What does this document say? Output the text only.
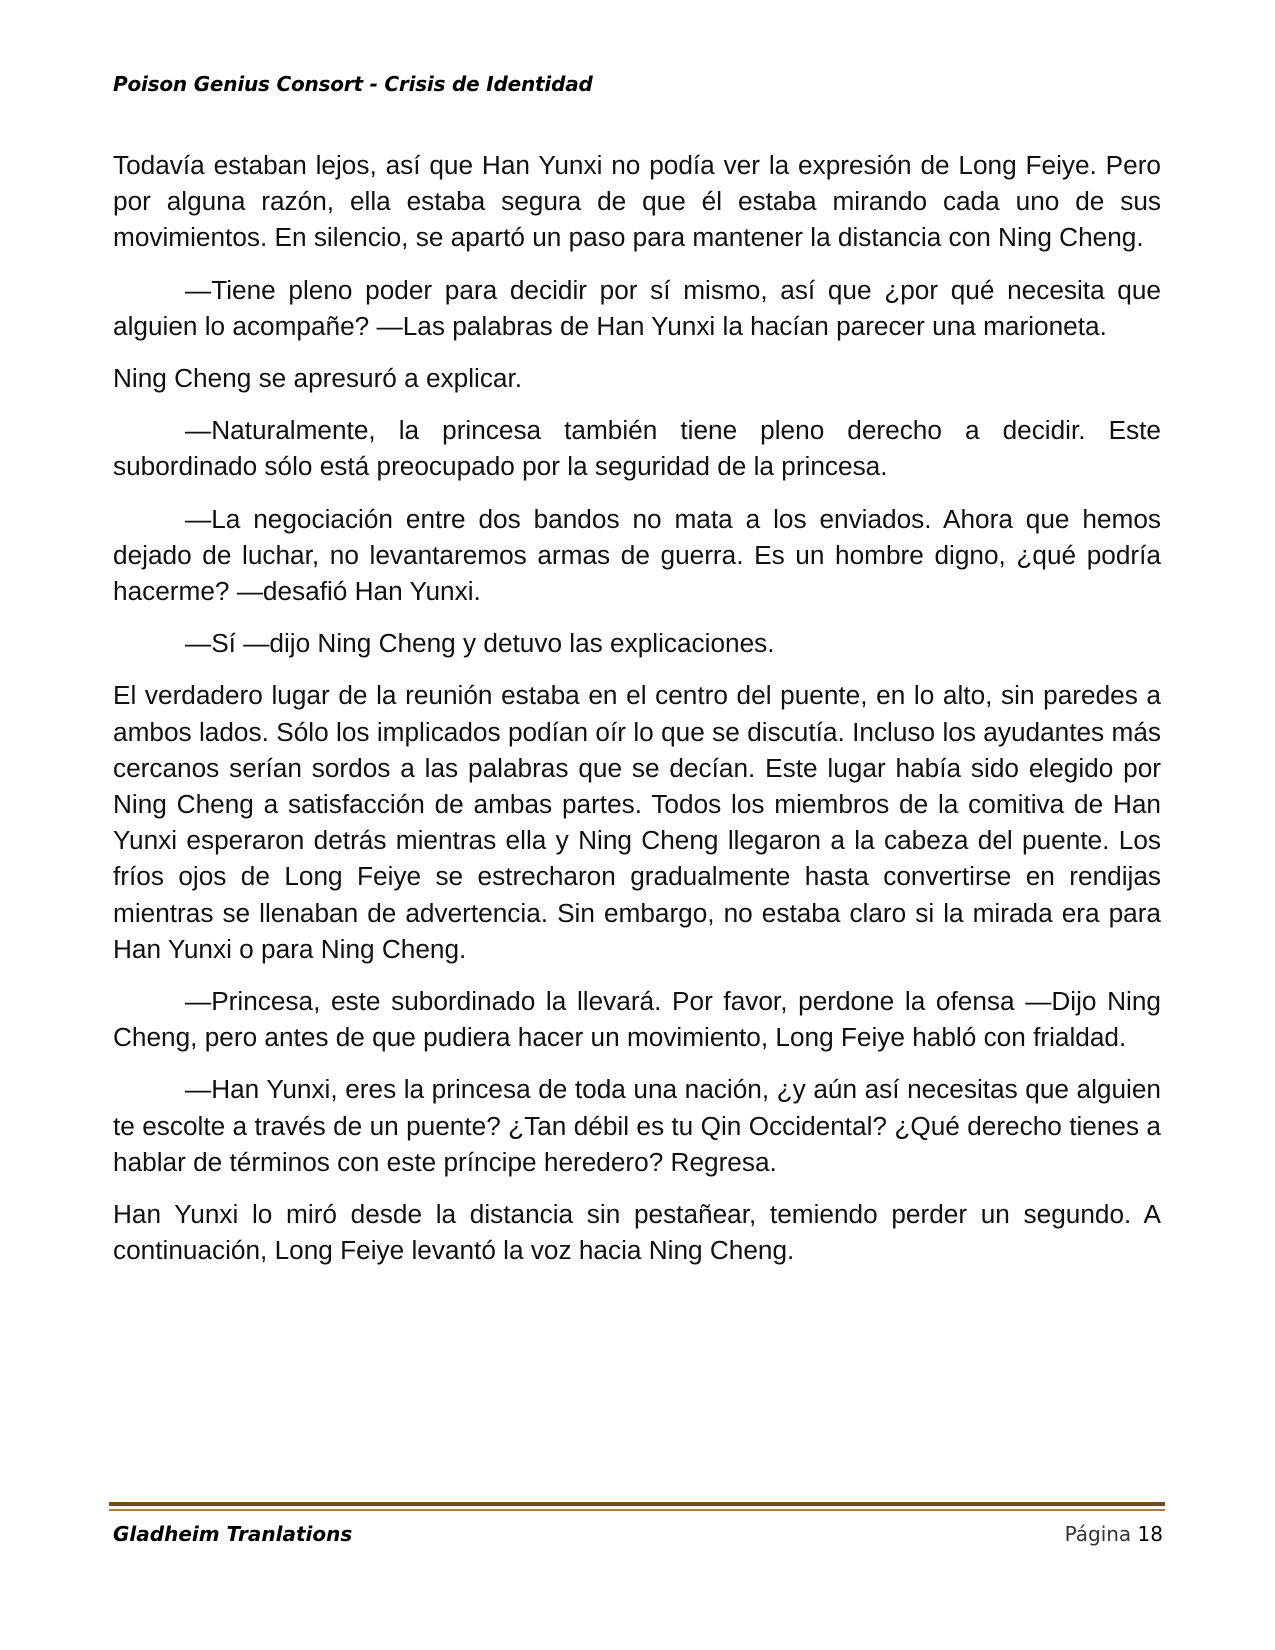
Poison Genius Consort - Crisis de Identidad

Todavía estaban lejos, así que Han Yunxi no podía ver la expresión de Long Feiye. Pero por alguna razón, ella estaba segura de que él estaba mirando cada uno de sus movimientos. En silencio, se apartó un paso para mantener la distancia con Ning Cheng.

—Tiene pleno poder para decidir por sí mismo, así que ¿por qué necesita que alguien lo acompañe? —Las palabras de Han Yunxi la hacían parecer una marioneta.

Ning Cheng se apresuró a explicar.

—Naturalmente, la princesa también tiene pleno derecho a decidir. Este subordinado sólo está preocupado por la seguridad de la princesa.

—La negociación entre dos bandos no mata a los enviados. Ahora que hemos dejado de luchar, no levantaremos armas de guerra. Es un hombre digno, ¿qué podría hacerme? —desafió Han Yunxi.

—Sí —dijo Ning Cheng y detuvo las explicaciones.

El verdadero lugar de la reunión estaba en el centro del puente, en lo alto, sin paredes a ambos lados. Sólo los implicados podían oír lo que se discutía. Incluso los ayudantes más cercanos serían sordos a las palabras que se decían. Este lugar había sido elegido por Ning Cheng a satisfacción de ambas partes. Todos los miembros de la comitiva de Han Yunxi esperaron detrás mientras ella y Ning Cheng llegaron a la cabeza del puente. Los fríos ojos de Long Feiye se estrecharon gradualmente hasta convertirse en rendijas mientras se llenaban de advertencia. Sin embargo, no estaba claro si la mirada era para Han Yunxi o para Ning Cheng.

—Princesa, este subordinado la llevará. Por favor, perdone la ofensa —Dijo Ning Cheng, pero antes de que pudiera hacer un movimiento, Long Feiye habló con frialdad.

—Han Yunxi, eres la princesa de toda una nación, ¿y aún así necesitas que alguien te escolte a través de un puente? ¿Tan débil es tu Qin Occidental? ¿Qué derecho tienes a hablar de términos con este príncipe heredero? Regresa.

Han Yunxi lo miró desde la distancia sin pestañear, temiendo perder un segundo. A continuación, Long Feiye levantó la voz hacia Ning Cheng.

Gladheim Tranlations	Página 18
